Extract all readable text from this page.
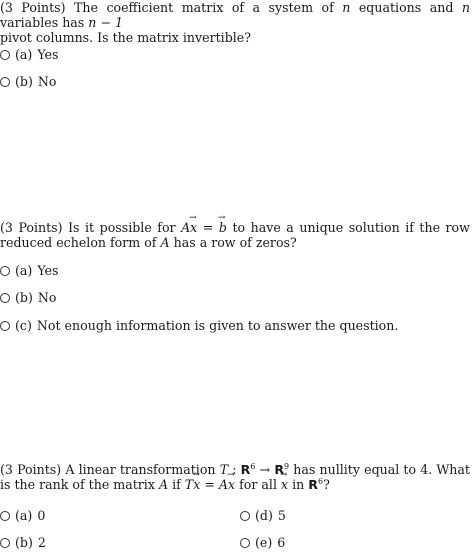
(3 Points) The coefficient matrix of a system of n equations and n variables has n − 1
pivot columns. Is the matrix invertible?

(a) Yes
(b) No

(3 Points) Is it possible for A→ x = → b to have a unique solution if the row reduced echelon form of A has a row of zeros?

(a) Yes
(b) No
(c) Not enough information is given to answer the question.

(3 Points) A linear transformation T : $R^6 \to R^9$ has nullity equal to 4. What is the rank of the matrix A if T→ x = A→ x for all → x in $R^6$?

(a) 0	(d) 5
(b) 2	(e) 6
